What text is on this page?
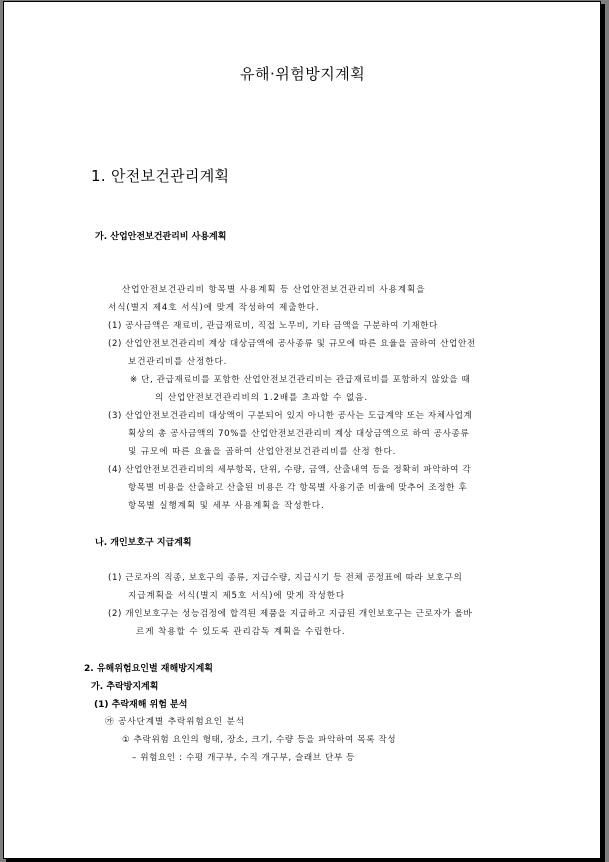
유해·위험방지계획

1. 안전보건관리계획

가. 산업안전보건관리비 사용계획

산업안전보건관리비 항목별 사용계획 등 산업안전보건관리비 사용계획을

서식(별지 제4호 서식)에 맞게 작성하여 제출한다.

(1) 공사금액은 재료비, 관급재료비, 직접 노무비, 기타 금액을 구분하여 기재한다

(2) 산업안전보건관리비 계상 대상금액에 공사종류 및 규모에 따른 요율을 곱하여 산업안전

보건관리비를 산정한다.

※ 단, 관급재료비를 포함한 산업안전보건관리비는 관급재료비를 포함하지 않았을 때

의 산업안전보건관리비의 1.2배를 초과할 수 없음.

(3) 산업안전보건관리비 대상액이 구분되어 있지 아니한 공사는 도급계약 또는 자체사업계

획상의 총 공사금액의 70%를 산업안전보건관리비 계상 대상금액으로 하여 공사종류

및 규모에 따른 요율을 곱하여 산업안전보건관리비를 산정 한다.

(4) 산업안전보건관리비의 세부항목, 단위, 수량, 금액, 산출내역 등을 정확히 파악하여 각

항목별 비용을 산출하고 산출된 비용은 각 항목별 사용기준 비율에 맞추어 조정한 후

항목별 실행계획 및 세부 사용계획을 작성한다.

나. 개인보호구 지급계획

(1) 근로자의 직종, 보호구의 종류, 지급수량, 지급시기 등 전체 공정표에 따라 보호구의

지급계획을 서식(별지 제5호 서식)에 맞게 작성한다

(2) 개인보호구는 성능검정에 합격된 제품을 지급하고 지급된 개인보호구는 근로자가 올바

르게 착용할 수 있도록 관리감독 계획을 수립한다.

2. 유해위험요인별 재해방지계획

가. 추락방지계획

(1) 추락재해 위험 분석

㉮ 공사단계별 추락위험요인 분석

① 추락위험 요인의 형태, 장소, 크기, 수량 등을 파악하여 목록 작성

– 위험요인 : 수평 개구부, 수직 개구부, 슬래브 단부 등
